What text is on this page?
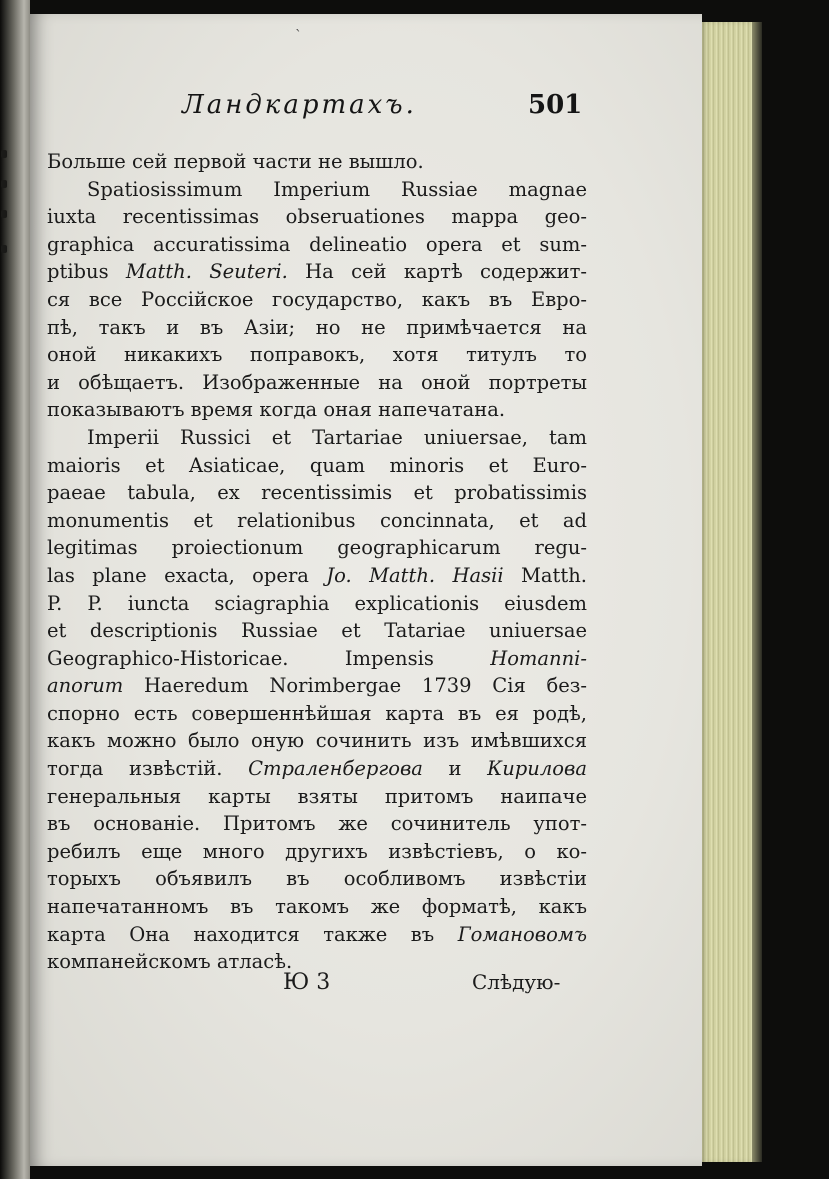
ˋ
Ландкартахъ.	501
Больше сей первой части не вышло.
Spatiosissimum Imperium Russiae magnae
iuxta recentissimas obseruationes mappa geo-
graphica accuratissima delineatio opera et sum-
ptibus Matth. Seuteri. На сей картѣ содержит-
ся все Россійское государство, какъ въ Евро-
пѣ, такъ и въ Азіи; но не примѣчается на
оной никакихъ поправокъ, хотя титулъ то
и обѣщаетъ. Изображенные на оной портреты
показываютъ время когда оная напечатана.
Imperii Russici et Tartariae uniuersae, tam
maioris et Asiaticae, quam minoris et Euro-
paeae tabula, ex recentissimis et probatissimis
monumentis et relationibus concinnata, et ad
legitimas proiectionum geographicarum regu-
las plane exacta, opera Jo. Matth. Hasii Matth.
P. P. iuncta sciagraphia explicationis eiusdem
et descriptionis Russiae et Tatariae uniuersae
Geographico-Historicae. Impensis	Homanni-
anorum Haeredum Norimbergae 1739 Сія без-
спорно есть совершеннѣйшая карта въ ея родѣ,
какъ можно было оную сочинить изъ имѣвшихся
тогда извѣстій. Страленбергова и Кирилова
генеральныя карты взяты притомъ наипаче
въ основаніе. Притомъ же сочинитель упот-
ребилъ еще много другихъ извѣстіевъ, о ко-
торыхъ объявилъ въ особливомъ извѣстіи
напечатанномъ въ такомъ же форматѣ, какъ
карта Она находится также въ Гомановомъ
компанейскомъ атласѣ.
Ю 3	Слѣдую-
